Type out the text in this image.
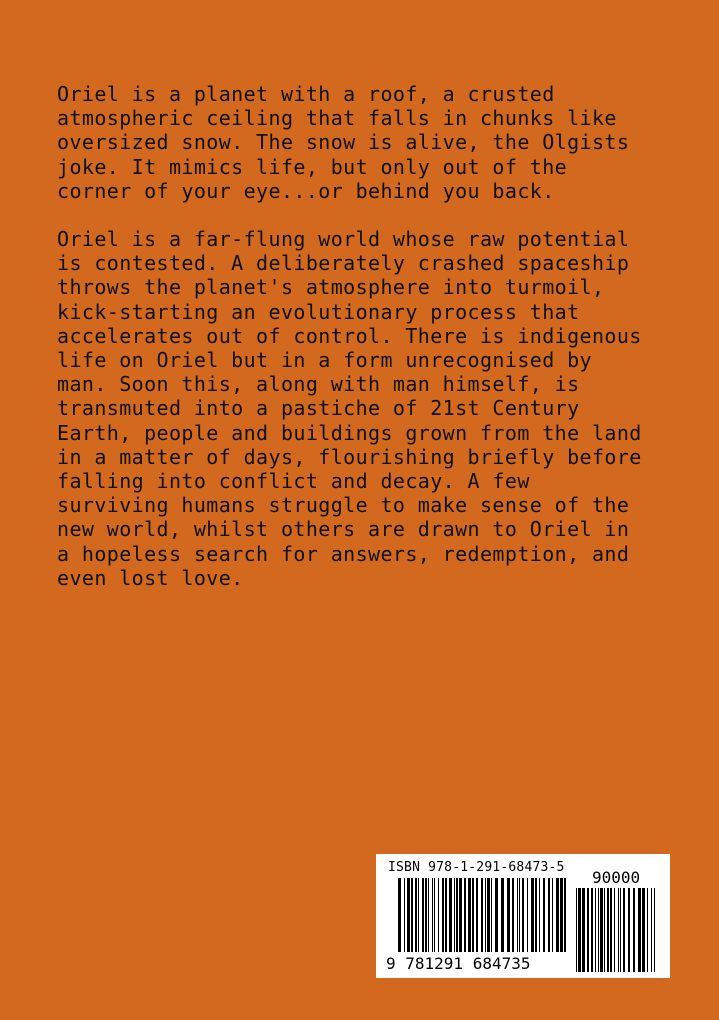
Oriel is a planet with a roof, a crusted
atmospheric ceiling that falls in chunks like
oversized snow. The snow is alive, the Olgists
joke. It mimics life, but only out of the
corner of your eye...or behind you back.

Oriel is a far-flung world whose raw potential
is contested. A deliberately crashed spaceship
throws the planet's atmosphere into turmoil,
kick-starting an evolutionary process that
accelerates out of control. There is indigenous
life on Oriel but in a form unrecognised by
man. Soon this, along with man himself, is
transmuted into a pastiche of 21st Century
Earth, people and buildings grown from the land
in a matter of days, flourishing briefly before
falling into conflict and decay. A few
surviving humans struggle to make sense of the
new world, whilst others are drawn to Oriel in
a hopeless search for answers, redemption, and
even lost love.

ISBN 978-1-291-68473-5
90000
9 781291 684735
